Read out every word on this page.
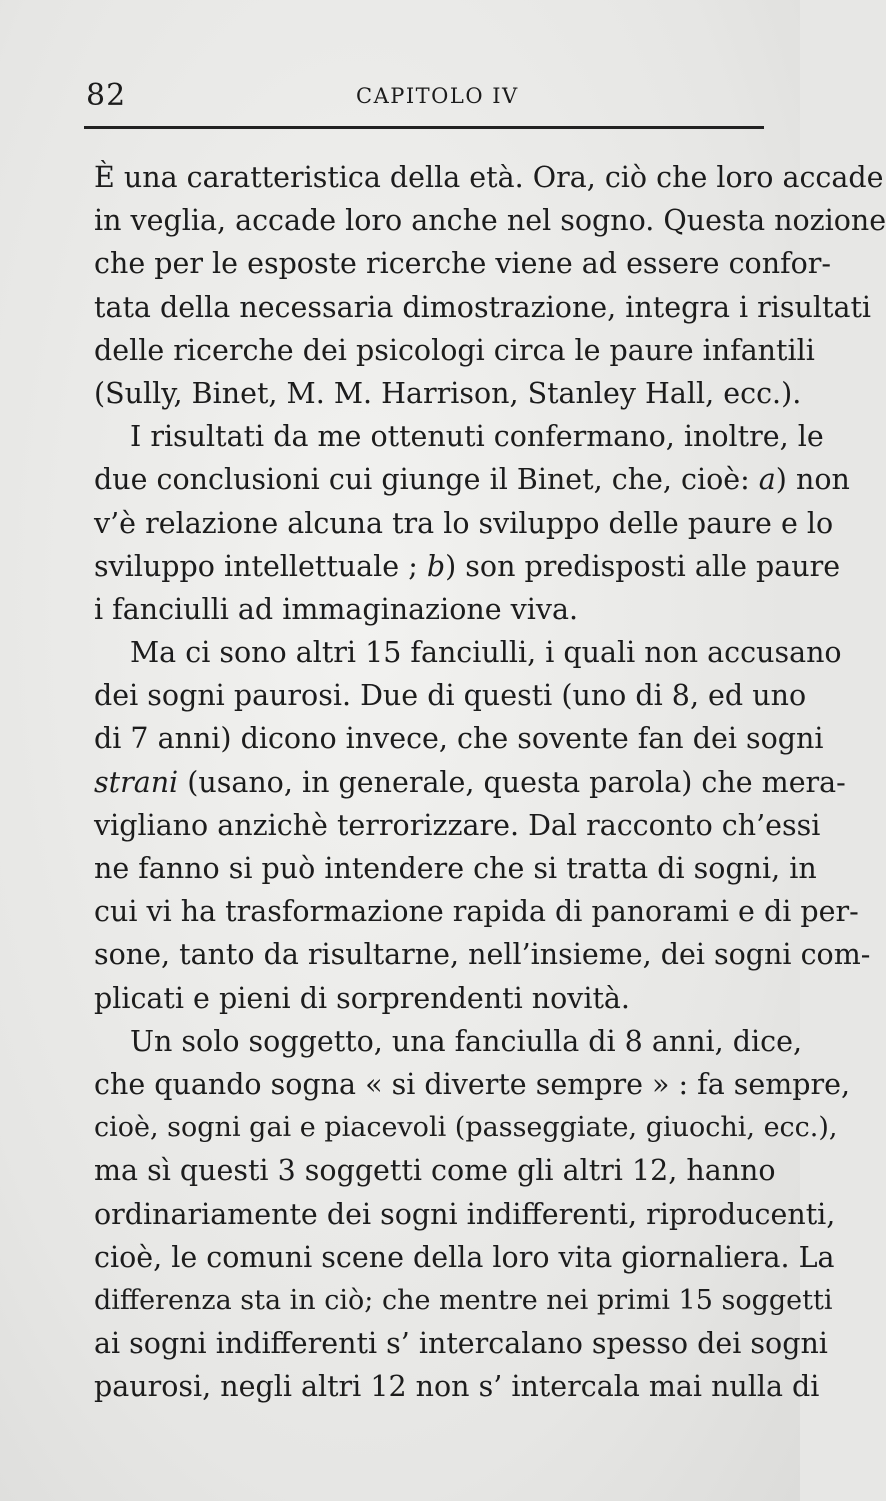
82	CAPITOLO IV
È una caratteristica della età. Ora, ciò che loro accade
in veglia, accade loro anche nel sogno. Questa nozione
che per le esposte ricerche viene ad essere confor-
tata della necessaria dimostrazione, integra i risultati
delle ricerche dei psicologi circa le paure infantili
(Sully, Binet, M. M. Harrison, Stanley Hall, ecc.).
I risultati da me ottenuti confermano, inoltre, le
due conclusioni cui giunge il Binet, che, cioè: a) non
v’è relazione alcuna tra lo sviluppo delle paure e lo
sviluppo intellettuale ; b) son predisposti alle paure
i fanciulli ad immaginazione viva.
Ma ci sono altri 15 fanciulli, i quali non accusano
dei sogni paurosi. Due di questi (uno di 8, ed uno
di 7 anni) dicono invece, che sovente fan dei sogni
strani (usano, in generale, questa parola) che mera-
vigliano anzichè terrorizzare. Dal racconto ch’essi
ne fanno si può intendere che si tratta di sogni, in
cui vi ha trasformazione rapida di panorami e di per-
sone, tanto da risultarne, nell’insieme, dei sogni com-
plicati e pieni di sorprendenti novità.
Un solo soggetto, una fanciulla di 8 anni, dice,
che quando sogna « si diverte sempre » : fa sempre,
cioè, sogni gai e piacevoli (passeggiate, giuochi, ecc.),
ma sì questi 3 soggetti come gli altri 12, hanno
ordinariamente dei sogni indifferenti, riproducenti,
cioè, le comuni scene della loro vita giornaliera. La
differenza sta in ciò; che mentre nei primi 15 soggetti
ai sogni indifferenti s’ intercalano spesso dei sogni
paurosi, negli altri 12 non s’ intercala mai nulla di
